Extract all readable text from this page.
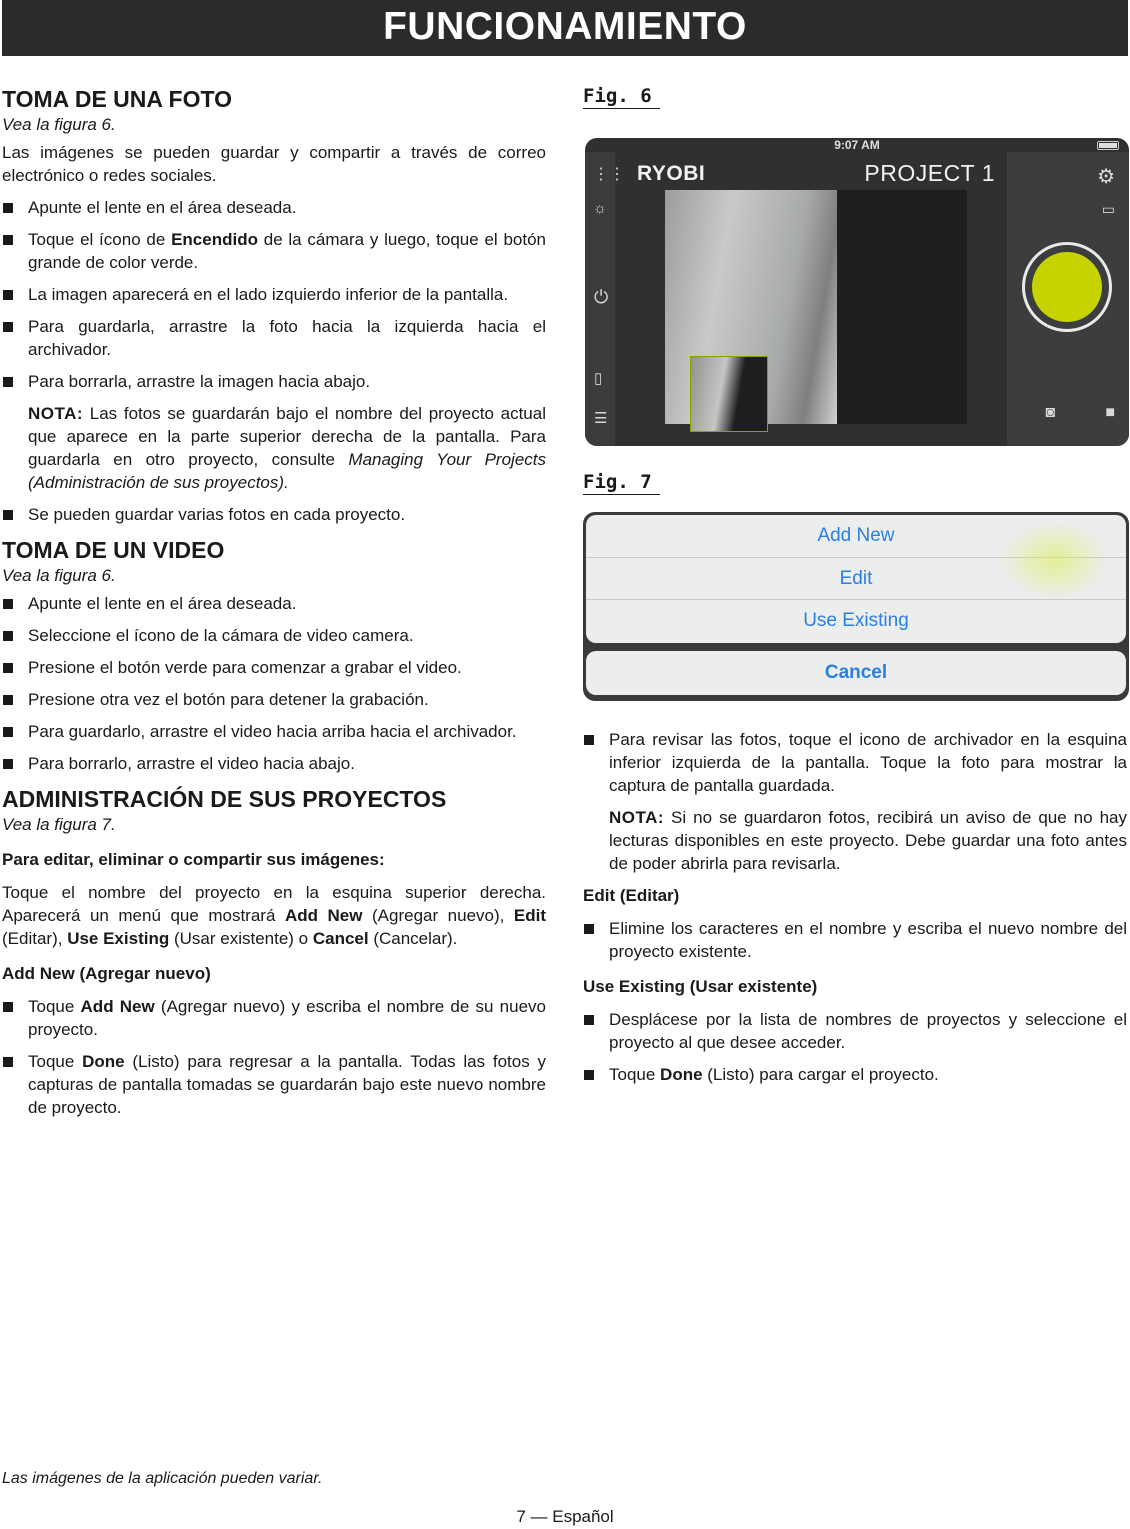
FUNCIONAMIENTO
TOMA DE UNA FOTO
Vea la figura 6.

Las imágenes se pueden guardar y compartir a través de correo electrónico o redes sociales.

Apunte el lente en el área deseada.
Toque el ícono de Encendido de la cámara y luego, toque el botón grande de color verde.
La imagen aparecerá en el lado izquierdo inferior de la pantalla.
Para guardarla, arrastre la foto hacia la izquierda hacia el archivador.
Para borrarla, arrastre la imagen hacia abajo.
NOTA: Las fotos se guardarán bajo el nombre del proyecto actual que aparece en la parte superior derecha de la pantalla. Para guardarla en otro proyecto, consulte Managing Your Projects (Administración de sus proyectos).
Se pueden guardar varias fotos en cada proyecto.
TOMA DE UN VIDEO
Vea la figura 6.
Apunte el lente en el área deseada.
Seleccione el ícono de la cámara de video camera.
Presione el botón verde para comenzar a grabar el video.
Presione otra vez el botón para detener la grabación.
Para guardarlo, arrastre el video hacia arriba hacia el archivador.
Para borrarlo, arrastre el video hacia abajo.
ADMINISTRACIÓN DE SUS PROYECTOS
Vea la figura 7.
Para editar, eliminar o compartir sus imágenes:

Toque el nombre del proyecto en la esquina superior derecha. Aparecerá un menú que mostrará Add New (Agregar nuevo), Edit (Editar), Use Existing (Usar existente) o Cancel (Cancelar).

Add New (Agregar nuevo)
Toque Add New (Agregar nuevo) y escriba el nombre de su nuevo proyecto.
Toque Done (Listo) para regresar a la pantalla. Todas las fotos y capturas de pantalla tomadas se guardarán bajo este nuevo nombre de proyecto.
Fig. 6
9:07 AM
⋮⋮
☼
⏻
▯
☰
RYOBI	PROJECT 1	⚙
▭
◙	■
Fig. 7
Add New
Edit
Use Existing
Cancel
Para revisar las fotos, toque el icono de archivador en la esquina inferior izquierda de la pantalla. Toque la foto para mostrar la captura de pantalla guardada.
NOTA: Si no se guardaron fotos, recibirá un aviso de que no hay lecturas disponibles en este proyecto. Debe guardar una foto antes de poder abrirla para revisarla.
Edit (Editar)
Elimine los caracteres en el nombre y escriba el nuevo nombre del proyecto existente.
Use Existing (Usar existente)
Desplácese por la lista de nombres de proyectos y seleccione el proyecto al que desee acceder.
Toque Done (Listo) para cargar el proyecto.
Las imágenes de la aplicación pueden variar.
7 — Español
